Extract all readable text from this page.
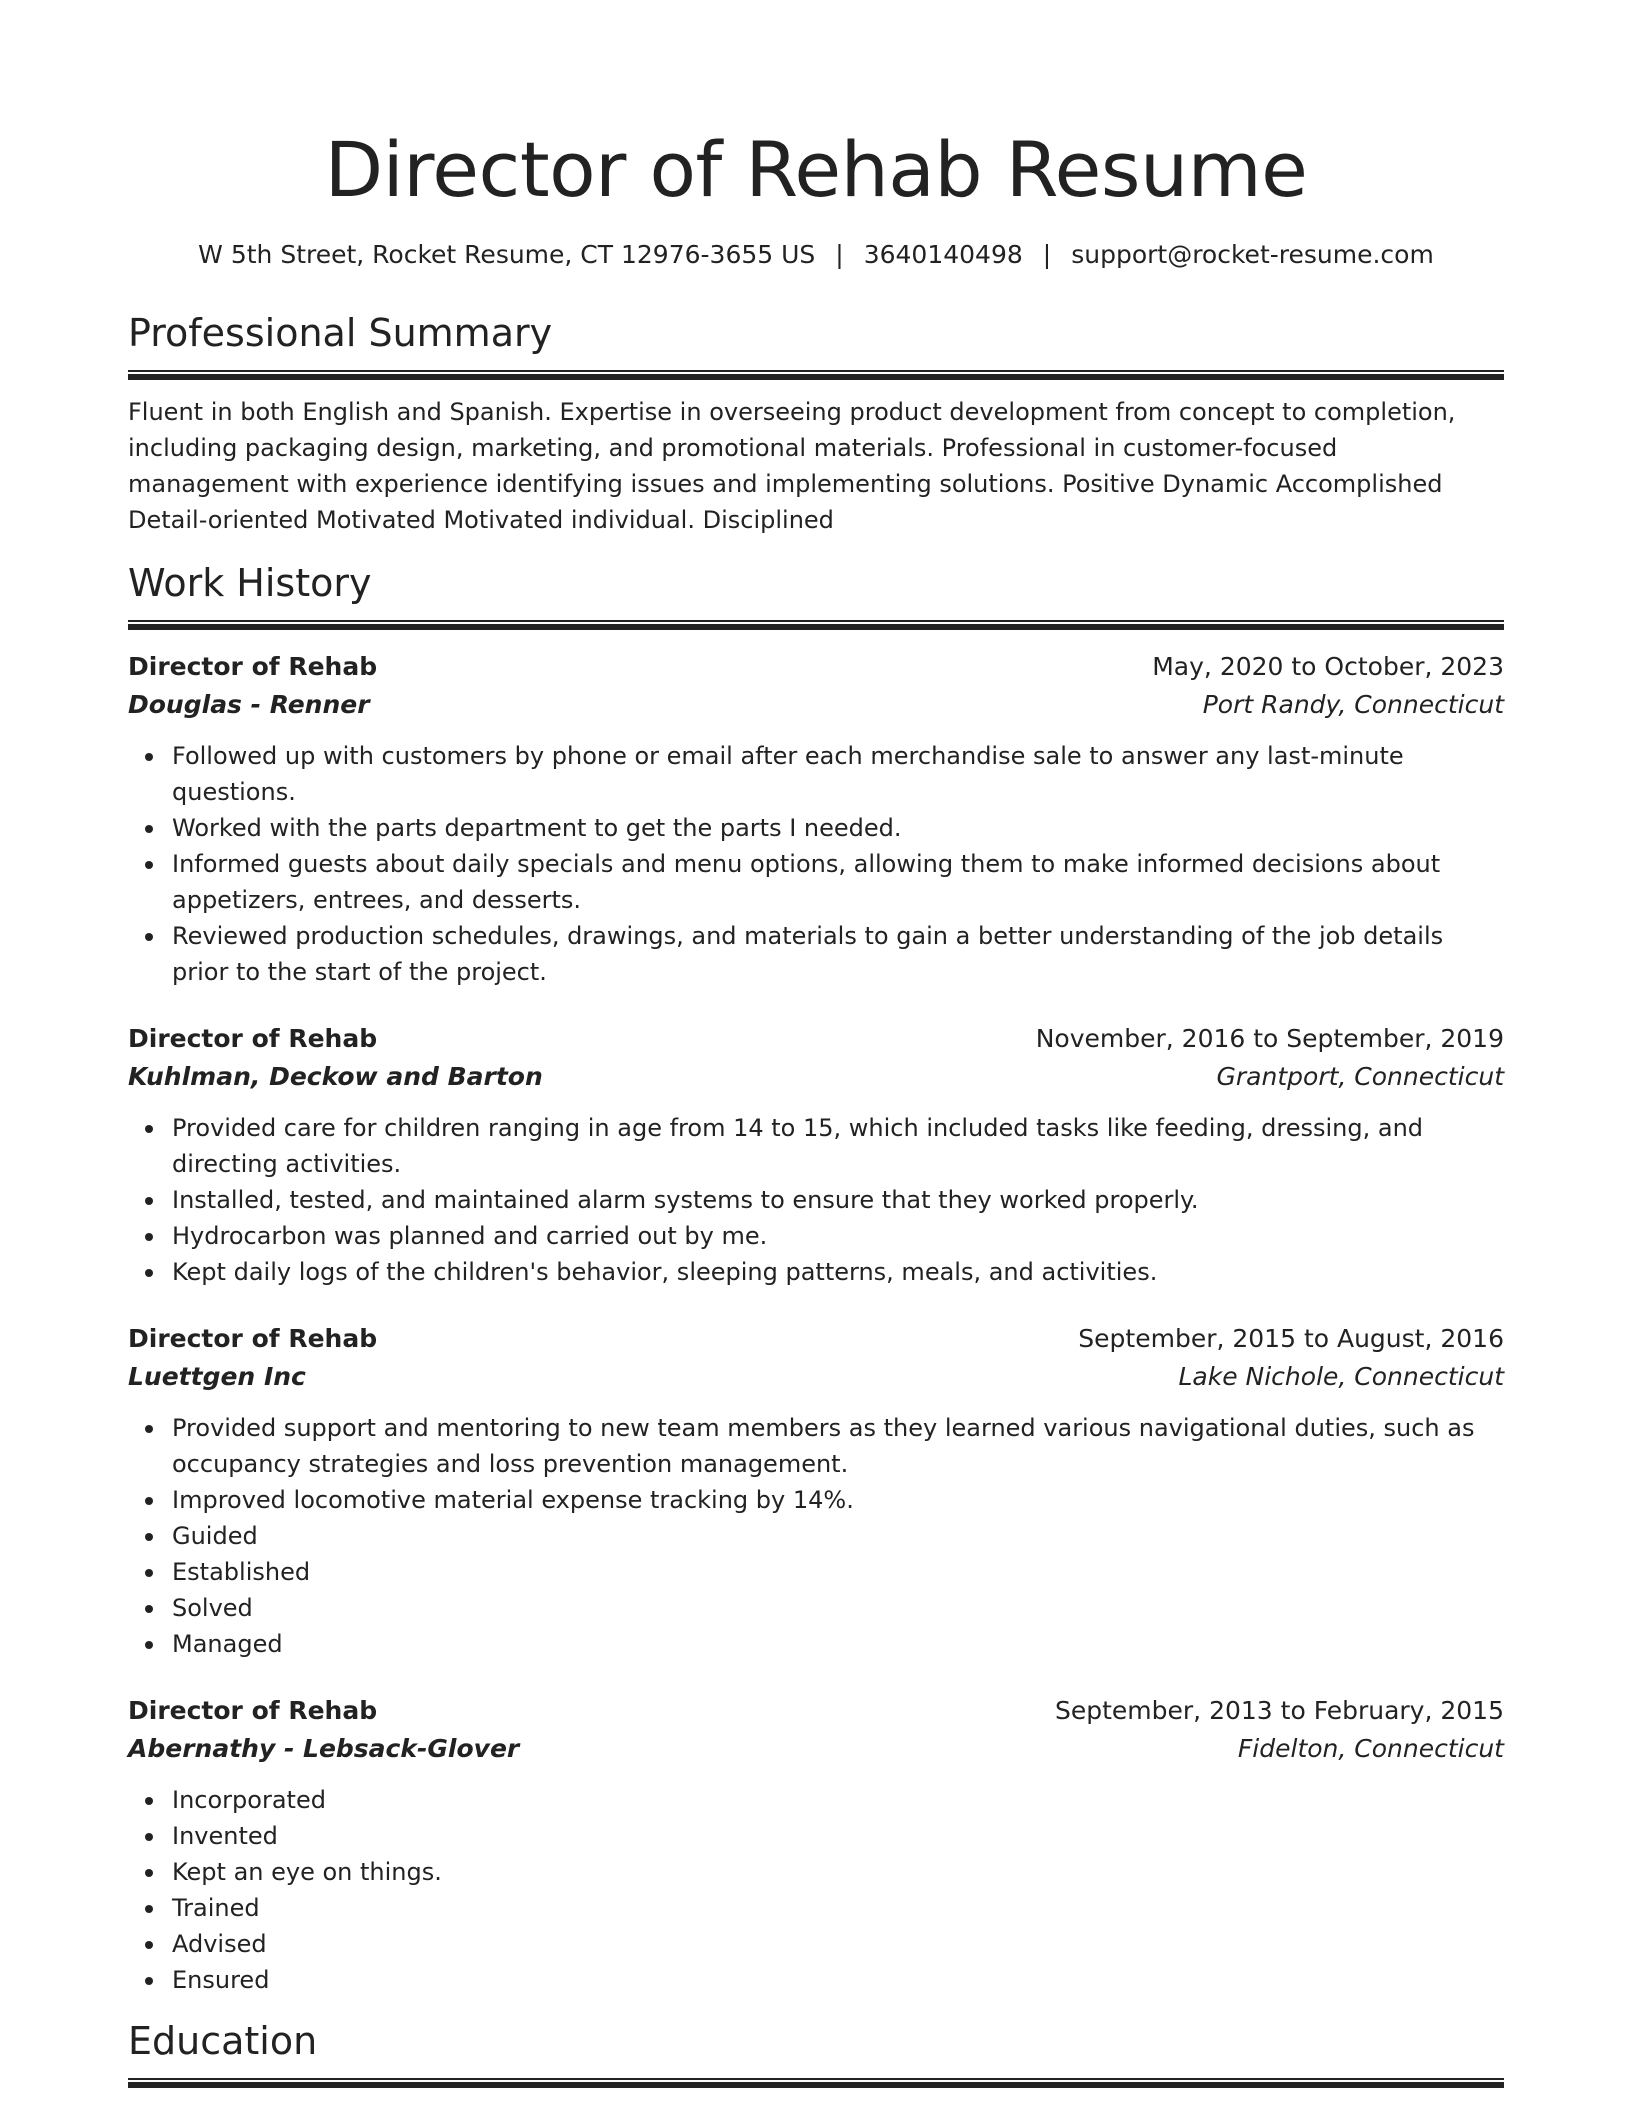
Director of Rehab Resume
W 5th Street, Rocket Resume, CT 12976-3655 US | 3640140498 | support@rocket-resume.com
Professional Summary

Fluent in both English and Spanish. Expertise in overseeing product development from concept to completion, including packaging design, marketing, and promotional materials. Professional in customer-focused management with experience identifying issues and implementing solutions. Positive Dynamic Accomplished Detail-oriented Motivated Motivated individual. Disciplined

Work History
Director of Rehab	May, 2020 to October, 2023
Douglas - Renner	Port Randy, Connecticut
Followed up with customers by phone or email after each merchandise sale to answer any last-minute questions.
Worked with the parts department to get the parts I needed.
Informed guests about daily specials and menu options, allowing them to make informed decisions about appetizers, entrees, and desserts.
Reviewed production schedules, drawings, and materials to gain a better understanding of the job details prior to the start of the project.
Director of Rehab	November, 2016 to September, 2019
Kuhlman, Deckow and Barton	Grantport, Connecticut
Provided care for children ranging in age from 14 to 15, which included tasks like feeding, dressing, and directing activities.
Installed, tested, and maintained alarm systems to ensure that they worked properly.
Hydrocarbon was planned and carried out by me.
Kept daily logs of the children's behavior, sleeping patterns, meals, and activities.
Director of Rehab	September, 2015 to August, 2016
Luettgen Inc	Lake Nichole, Connecticut
Provided support and mentoring to new team members as they learned various navigational duties, such as occupancy strategies and loss prevention management.
Improved locomotive material expense tracking by 14%.
Guided
Established
Solved
Managed
Director of Rehab	September, 2013 to February, 2015
Abernathy - Lebsack-Glover	Fidelton, Connecticut
Incorporated
Invented
Kept an eye on things.
Trained
Advised
Ensured
Education
